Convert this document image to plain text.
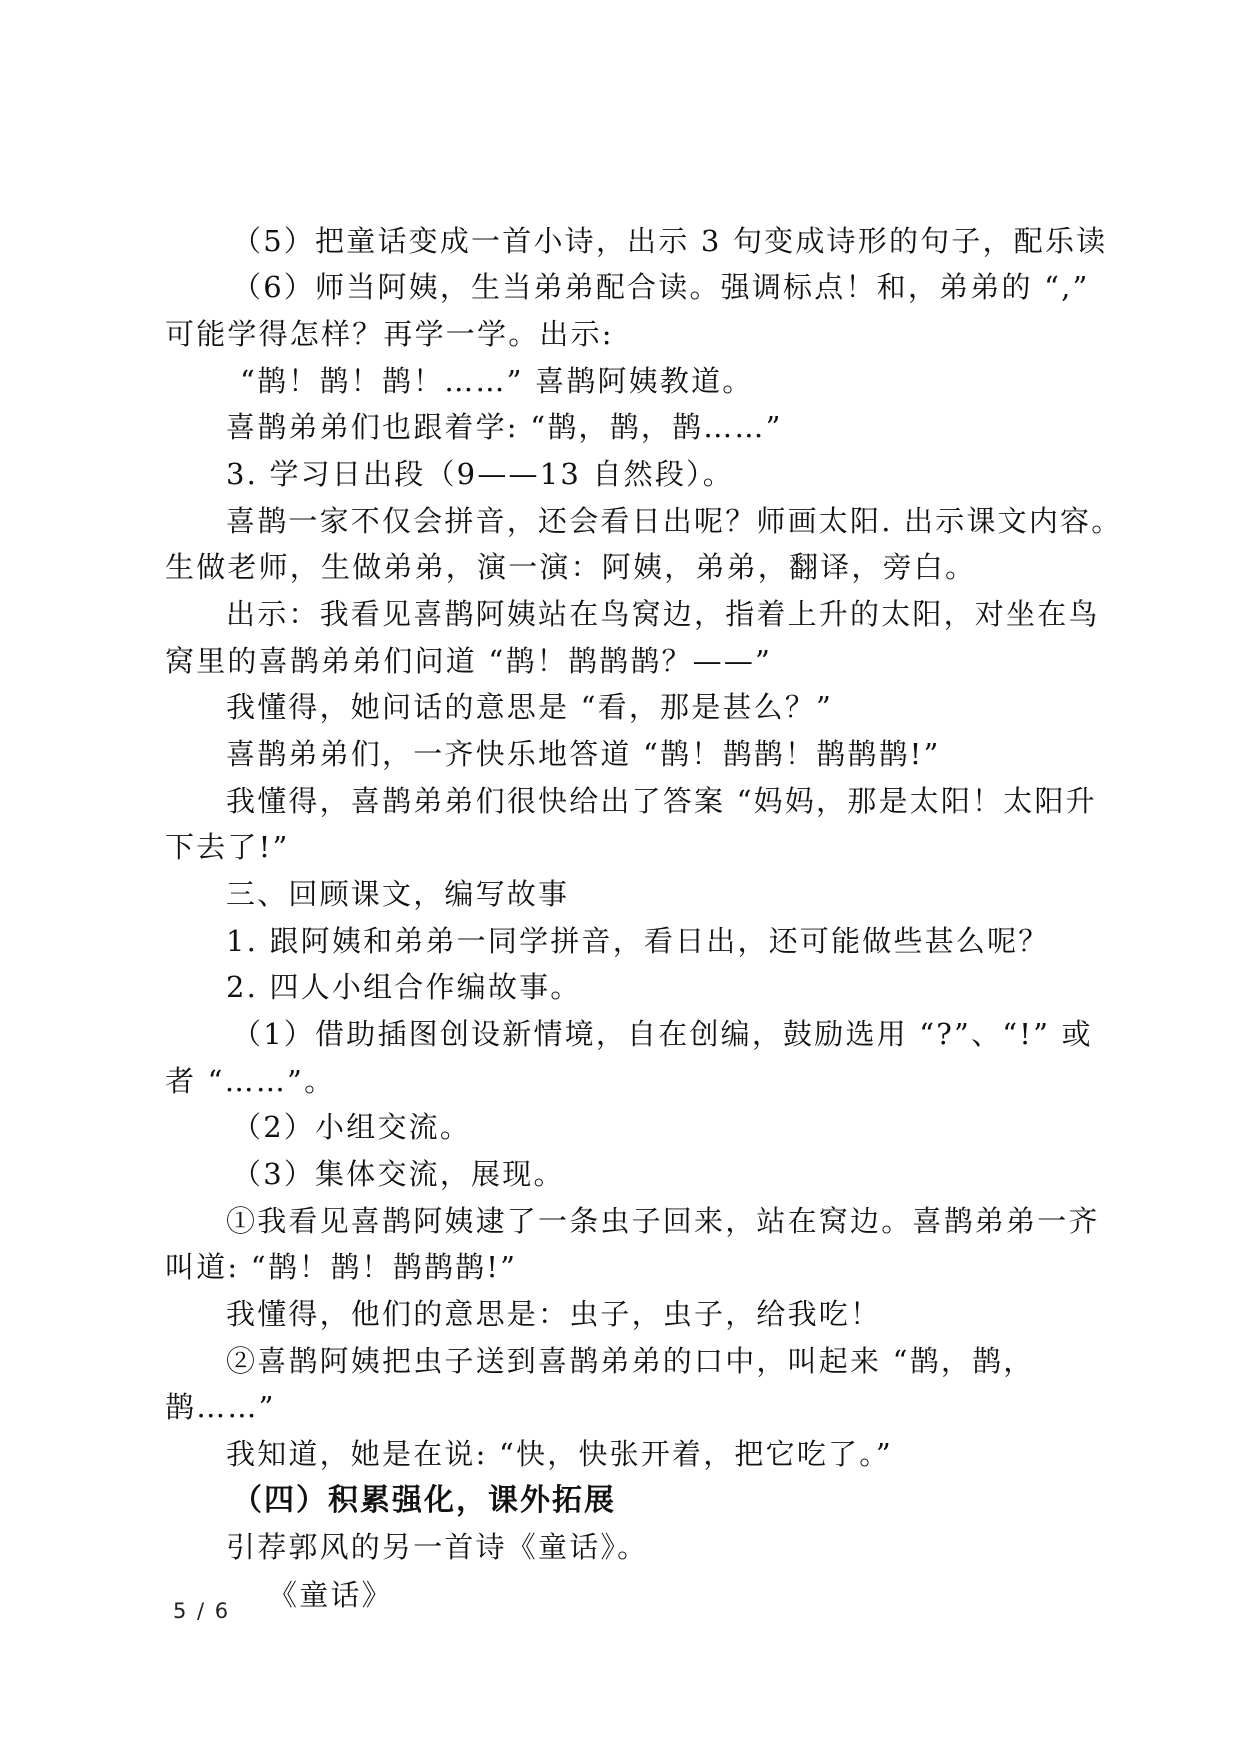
（5）把童话变成一首小诗，出示 3 句变成诗形的句子，配乐读
（6）师当阿姨，生当弟弟配合读。强调标点！和，弟弟的 “,”
可能学得怎样？再学一学。出示:
“鹊！鹊！鹊！……” 喜鹊阿姨教道。
喜鹊弟弟们也跟着学: “鹊，鹊，鹊……”
3. 学习日出段（9——13 自然段）。
喜鹊一家不仅会拼音，还会看日出呢？师画太阳. 出示课文内容。
生做老师，生做弟弟，演一演：阿姨，弟弟，翻译，旁白。
出示：我看见喜鹊阿姨站在鸟窝边，指着上升的太阳，对坐在鸟
窝里的喜鹊弟弟们问道 “鹊！鹊鹊鹊？——”
我懂得，她问话的意思是 “看，那是甚么？”
喜鹊弟弟们，一齐快乐地答道 “鹊！鹊鹊！鹊鹊鹊!”
我懂得，喜鹊弟弟们很快给出了答案 “妈妈，那是太阳！太阳升
下去了!”
三、回顾课文，编写故事
1. 跟阿姨和弟弟一同学拼音，看日出，还可能做些甚么呢？
2. 四人小组合作编故事。
（1）借助插图创设新情境，自在创编，鼓励选用 “?”、“!” 或
者 “……”。
（2）小组交流。
（3）集体交流，展现。
①我看见喜鹊阿姨逮了一条虫子回来，站在窝边。喜鹊弟弟一齐
叫道: “鹊！鹊！鹊鹊鹊!”
我懂得，他们的意思是：虫子，虫子，给我吃！
②喜鹊阿姨把虫子送到喜鹊弟弟的口中，叫起来 “鹊，鹊，
鹊……”
我知道，她是在说: “快，快张开着，把它吃了。”
（四）积累强化，课外拓展
引荐郭风的另一首诗《童话》。
《童话》
5 / 6
